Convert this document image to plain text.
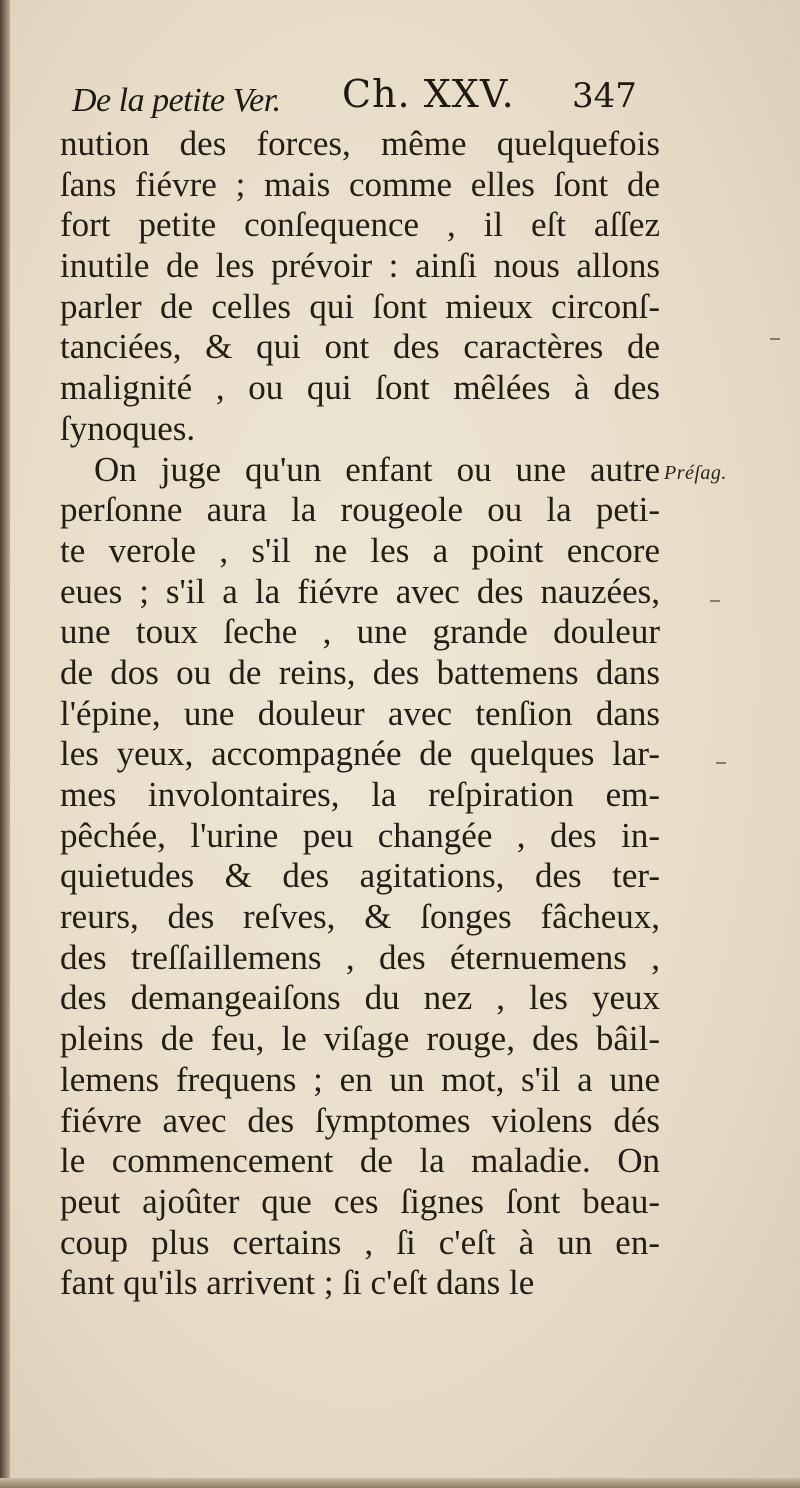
De la petite Ver. Ch. XXV. 347
Préſag.
nution des forces, même quelquefois
ſans fiévre ; mais comme elles ſont de
fort petite conſequence , il eſt aſſez
inutile de les prévoir : ainſi nous allons
parler de celles qui ſont mieux circonſ-
tanciées, & qui ont des caractères de
malignité , ou qui ſont mêlées à des
ſynoques.
On juge qu'un enfant ou une autre
perſonne aura la rougeole ou la peti-
te verole , s'il ne les a point encore
eues ; s'il a la fiévre avec des nauzées,
une toux ſeche , une grande douleur
de dos ou de reins, des battemens dans
l'épine, une douleur avec tenſion dans
les yeux, accompagnée de quelques lar-
mes involontaires, la reſpiration em-
pêchée, l'urine peu changée , des in-
quietudes & des agitations, des ter-
reurs, des reſves, & ſonges fâcheux,
des treſſaillemens , des éternuemens ,
des demangeaiſons du nez , les yeux
pleins de feu, le viſage rouge, des bâil-
lemens frequens ; en un mot, s'il a une
fiévre avec des ſymptomes violens dés
le commencement de la maladie. On
peut ajoûter que ces ſignes ſont beau-
coup plus certains , ſi c'eſt à un en-
fant qu'ils arrivent ; ſi c'eſt dans le
